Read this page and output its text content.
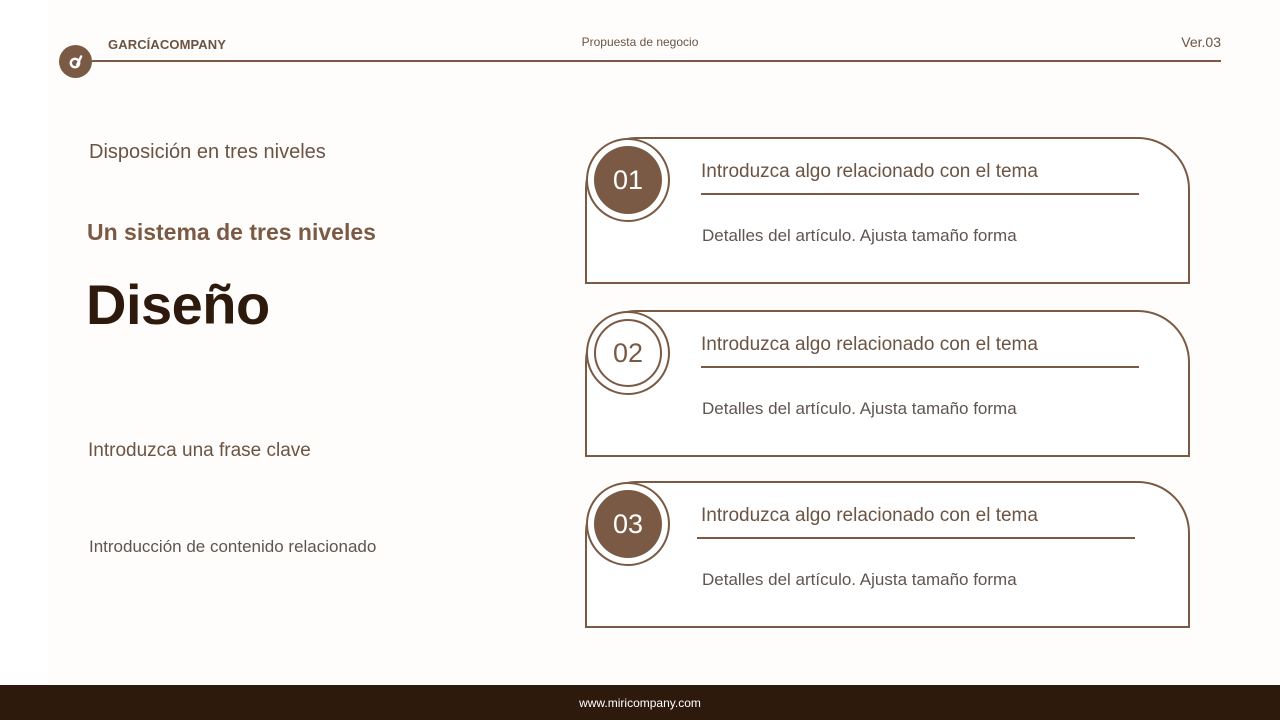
GARCÍACOMPANY	Propuesta de negocio	Ver.03
Disposición en tres niveles
Un sistema de tres niveles
Diseño
Introduzca una frase clave
Introducción de contenido relacionado
01	Introduzca algo relacionado con el tema
Detalles del artículo. Ajusta tamaño forma
02	Introduzca algo relacionado con el tema
Detalles del artículo. Ajusta tamaño forma
03	Introduzca algo relacionado con el tema
Detalles del artículo. Ajusta tamaño forma
www.miricompany.com
